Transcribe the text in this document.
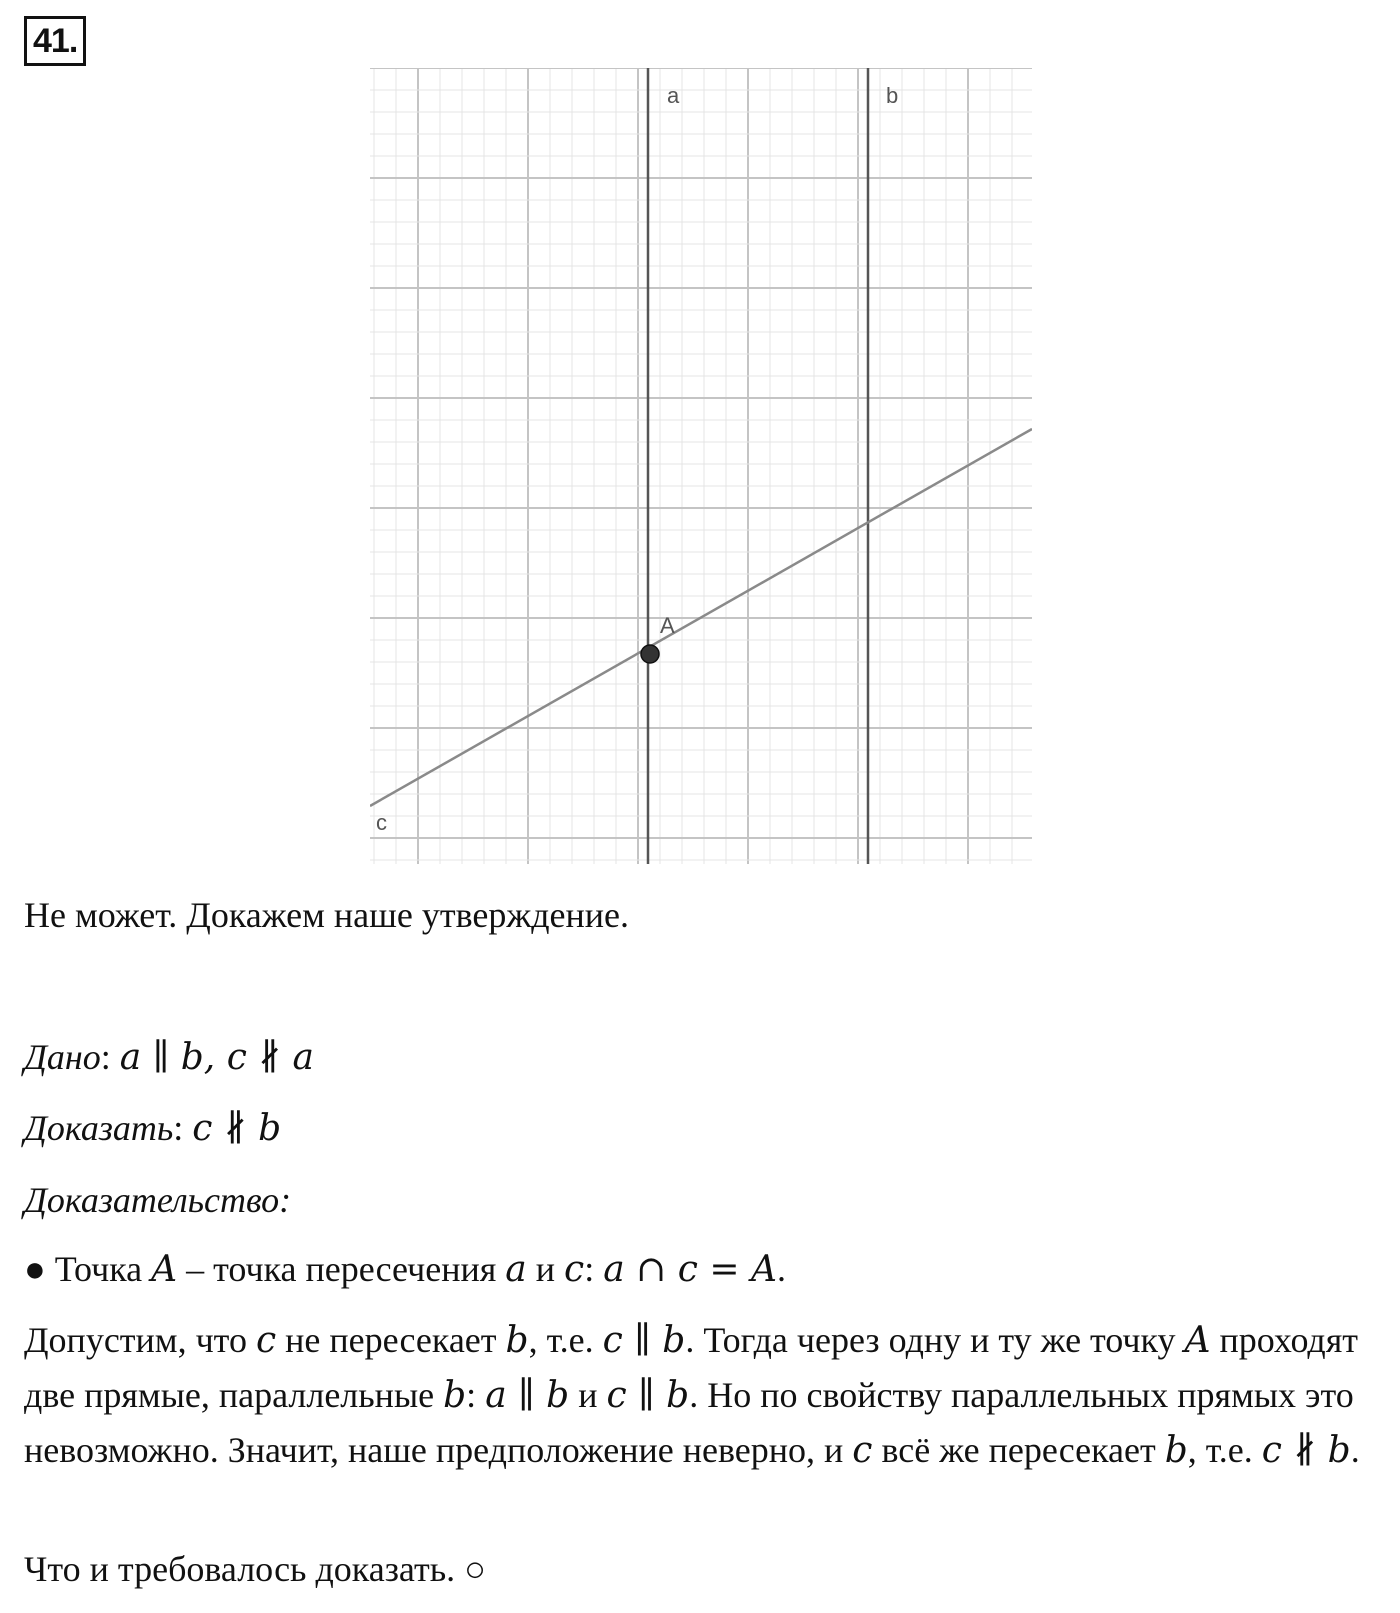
41.
a	b
c
A

Не может. Докажем наше утверждение.

Дано: a ∥ b, c ∦ a

Доказать: c ∦ b

Доказательство:

● Точка A – точка пересечения a и c: a ∩ c = A.

Допустим, что c не пересекает b, т.е. c ∥ b. Тогда через одну и ту же точку A проходят две прямые, параллельные b: a ∥ b и c ∥ b. Но по свойству параллельных прямых это невозможно. Значит, наше предположение неверно, и c всё же пересекает b, т.е. c ∦ b.

Что и требовалось доказать. ○
